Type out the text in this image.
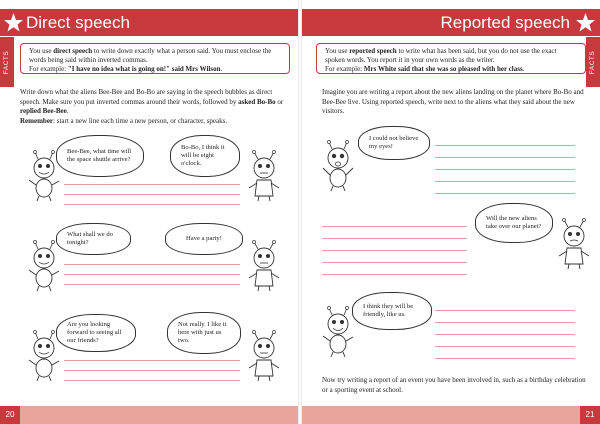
Direct speech
FACTS	You use direct speech to write down exactly what a person said. You must enclose the words being said within inverted commas.
For example: "I have no idea what is going on!" said Mrs Wilson.
Write down what the aliens Bee-Bee and Bo-Bo are saying in the speech bubbles as direct speech. Make sure you put inverted commas around their words, followed by asked Bo-Bo or replied Bee-Bee.
Remember: start a new line each time a new person, or character, speaks.
Bee-Bee, what time will the space shuttle arrive?
Bo-Bo, I think it will be eight o'clock.
What shall we do tonight?
Have a party!
Are you looking forward to seeing all our friends?
Not really. I like it here with just us two.
20
Reported speech
FACTS
You use reported speech to write what has been said, but you do not use the exact spoken words. You report it in your own words as the writer.
For example: Mrs White said that she was so pleased with her class.
Imagine you are writing a report about the new aliens landing on the planet where Bo-Bo and Bee-Bee live. Using reported speech, write next to the aliens what they said about the new visitors.
I could not believe my eyes!
Will the new aliens take over our planet?
I think they will be friendly, like us.
Now try writing a report of an event you have been involved in, such as a birthday celebration or a sporting event at school.
21
